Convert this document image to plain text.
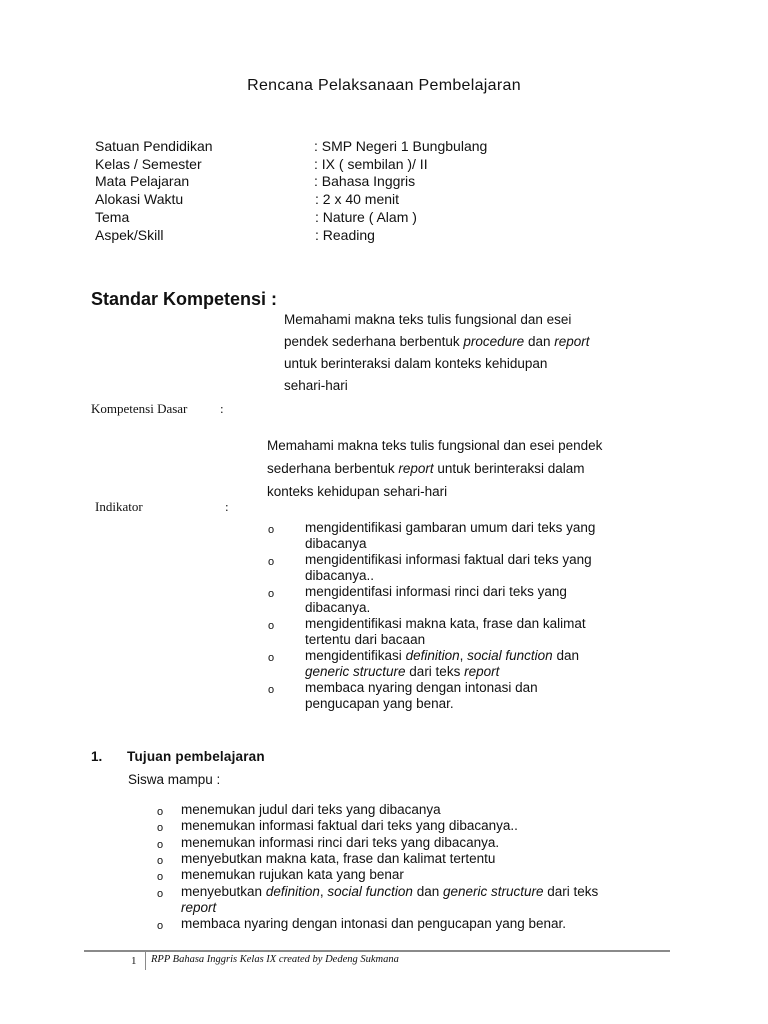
Rencana Pelaksanaan Pembelajaran
Satuan Pendidikan	: SMP Negeri 1 Bungbulang
Kelas / Semester	: IX ( sembilan )/ II
Mata Pelajaran	: Bahasa Inggris
Alokasi Waktu	: 2 x 40 menit
Tema	: Nature ( Alam )
Aspek/Skill	: Reading
Standar Kompetensi :
Memahami makna teks tulis fungsional dan esei
pendek sederhana berbentuk procedure dan report
untuk berinteraksi dalam konteks kehidupan
sehari-hari
Kompetensi Dasar	:
Memahami makna teks tulis fungsional dan esei pendek
sederhana berbentuk report untuk berinteraksi dalam
konteks kehidupan sehari-hari
Indikator	:
o mengidentifikasi gambaran umum dari teks yang
dibacanya
o mengidentifikasi informasi faktual dari teks yang
dibacanya..
o mengidentifasi informasi rinci dari teks yang
dibacanya.
o mengidentifikasi makna kata, frase dan kalimat
tertentu dari bacaan
o mengidentifikasi definition, social function dan
generic structure dari teks report
o membaca nyaring dengan intonasi dan
pengucapan yang benar.
1. Tujuan pembelajaran
Siswa mampu :
o menemukan judul dari teks yang dibacanya
o menemukan informasi faktual dari teks yang dibacanya..
o menemukan informasi rinci dari teks yang dibacanya.
o menyebutkan makna kata, frase dan kalimat tertentu
o menemukan rujukan kata yang benar
o menyebutkan definition, social function dan generic structure dari teks
report
o membaca nyaring dengan intonasi dan pengucapan yang benar.
1 RPP Bahasa Inggris Kelas IX created by Dedeng Sukmana
